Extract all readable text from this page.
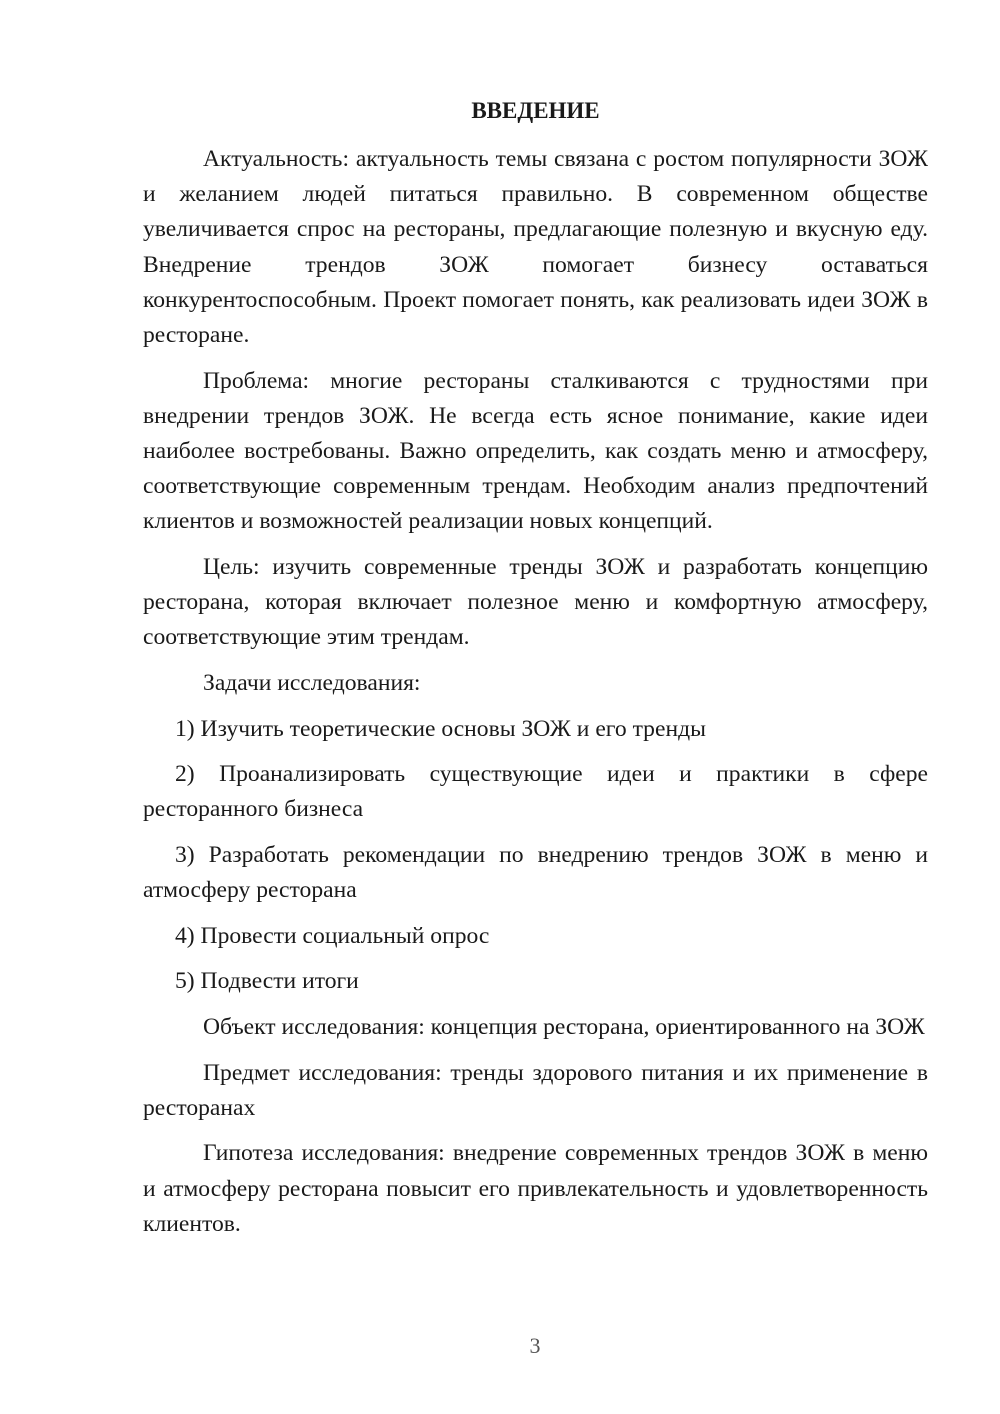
ВВЕДЕНИЕ

Актуальность: актуальность темы связана с ростом популярности ЗОЖ и желанием людей питаться правильно. В современном обществе увеличивается спрос на рестораны, предлагающие полезную и вкусную еду. Внедрение трендов ЗОЖ помогает бизнесу оставаться конкурентоспособным. Проект помогает понять, как реализовать идеи ЗОЖ в ресторане.

Проблема: многие рестораны сталкиваются с трудностями при внедрении трендов ЗОЖ. Не всегда есть ясное понимание, какие идеи наиболее востребованы. Важно определить, как создать меню и атмосферу, соответствующие современным трендам. Необходим анализ предпочтений клиентов и возможностей реализации новых концепций.

Цель: изучить современные тренды ЗОЖ и разработать концепцию ресторана, которая включает полезное меню и комфортную атмосферу, соответствующие этим трендам.

Задачи исследования:

1) Изучить теоретические основы ЗОЖ и его тренды

2) Проанализировать существующие идеи и практики в сфере ресторанного бизнеса

3) Разработать рекомендации по внедрению трендов ЗОЖ в меню и атмосферу ресторана

4) Провести социальный опрос

5) Подвести итоги

Объект исследования: концепция ресторана, ориентированного на ЗОЖ

Предмет исследования: тренды здорового питания и их применение в ресторанах

Гипотеза исследования: внедрение современных трендов ЗОЖ в меню и атмосферу ресторана повысит его привлекательность и удовлетворенность клиентов.

3
